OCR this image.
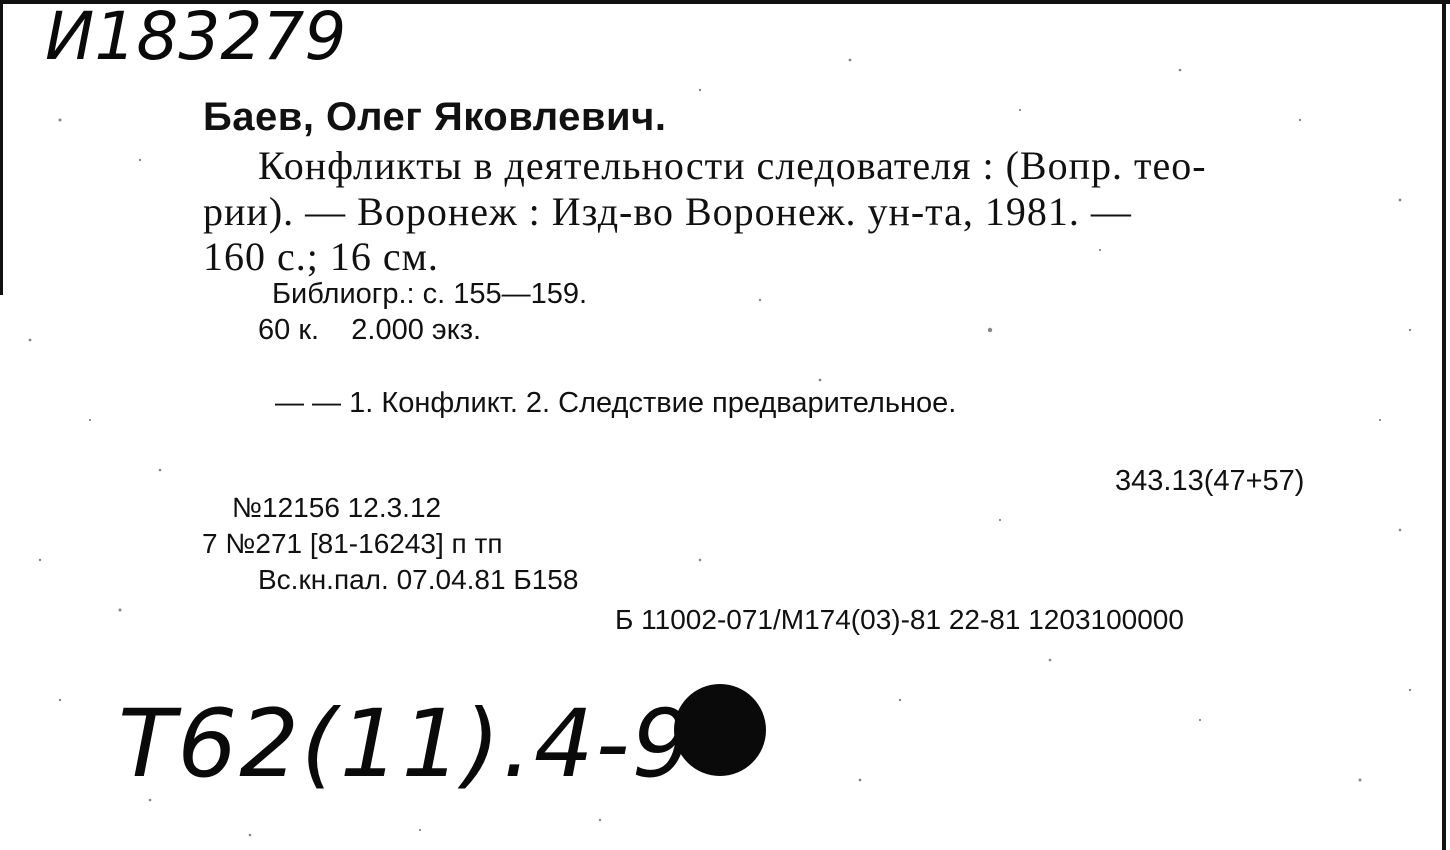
И183279
Баев, Олег Яковлевич.
Конфликты в деятельности следователя : (Вопр. тео-
рии). — Воронеж : Изд-во Воронеж. ун-та, 1981. —
160 с.; 16 см.
Библиогр.: с. 155—159.
60 к.    2.000 экз.
— — 1. Конфликт. 2. Следствие предварительное.
343.13(47+57)
№12156 12.3.12
7 №271 [81-16243] п тп
Вс.кн.пал. 07.04.81 Б158
Б 11002-071/М174(03)-81 22-81 1203100000
Т62(11).4-9
